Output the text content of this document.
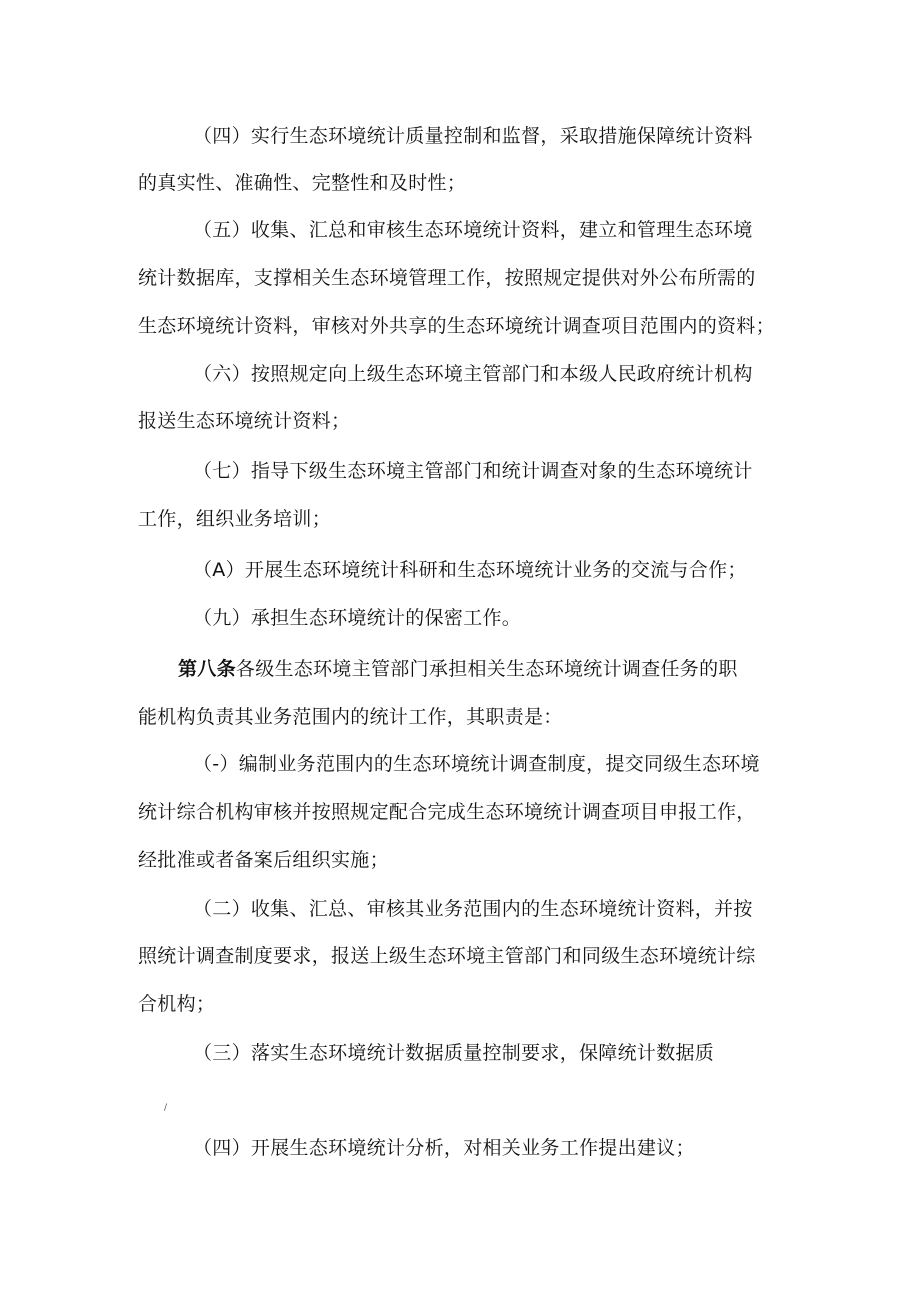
（四）实行生态环境统计质量控制和监督，采取措施保障统计资料
的真实性、准确性、完整性和及时性；
（五）收集、汇总和审核生态环境统计资料，建立和管理生态环境
统计数据库，支撑相关生态环境管理工作，按照规定提供对外公布所需的
生态环境统计资料，审核对外共享的生态环境统计调查项目范围内的资料；
（六）按照规定向上级生态环境主管部门和本级人民政府统计机构
报送生态环境统计资料；
（七）指导下级生态环境主管部门和统计调查对象的生态环境统计
工作，组织业务培训；
（A）开展生态环境统计科研和生态环境统计业务的交流与合作；
（九）承担生态环境统计的保密工作。
第八条各级生态环境主管部门承担相关生态环境统计调查任务的职
能机构负责其业务范围内的统计工作，其职责是：
（-）编制业务范围内的生态环境统计调查制度，提交同级生态环境
统计综合机构审核并按照规定配合完成生态环境统计调查项目申报工作，
经批准或者备案后组织实施；
（二）收集、汇总、审核其业务范围内的生态环境统计资料，并按
照统计调查制度要求，报送上级生态环境主管部门和同级生态环境统计综
合机构；
（三）落实生态环境统计数据质量控制要求，保障统计数据质
/
（四）开展生态环境统计分析，对相关业务工作提出建议；
